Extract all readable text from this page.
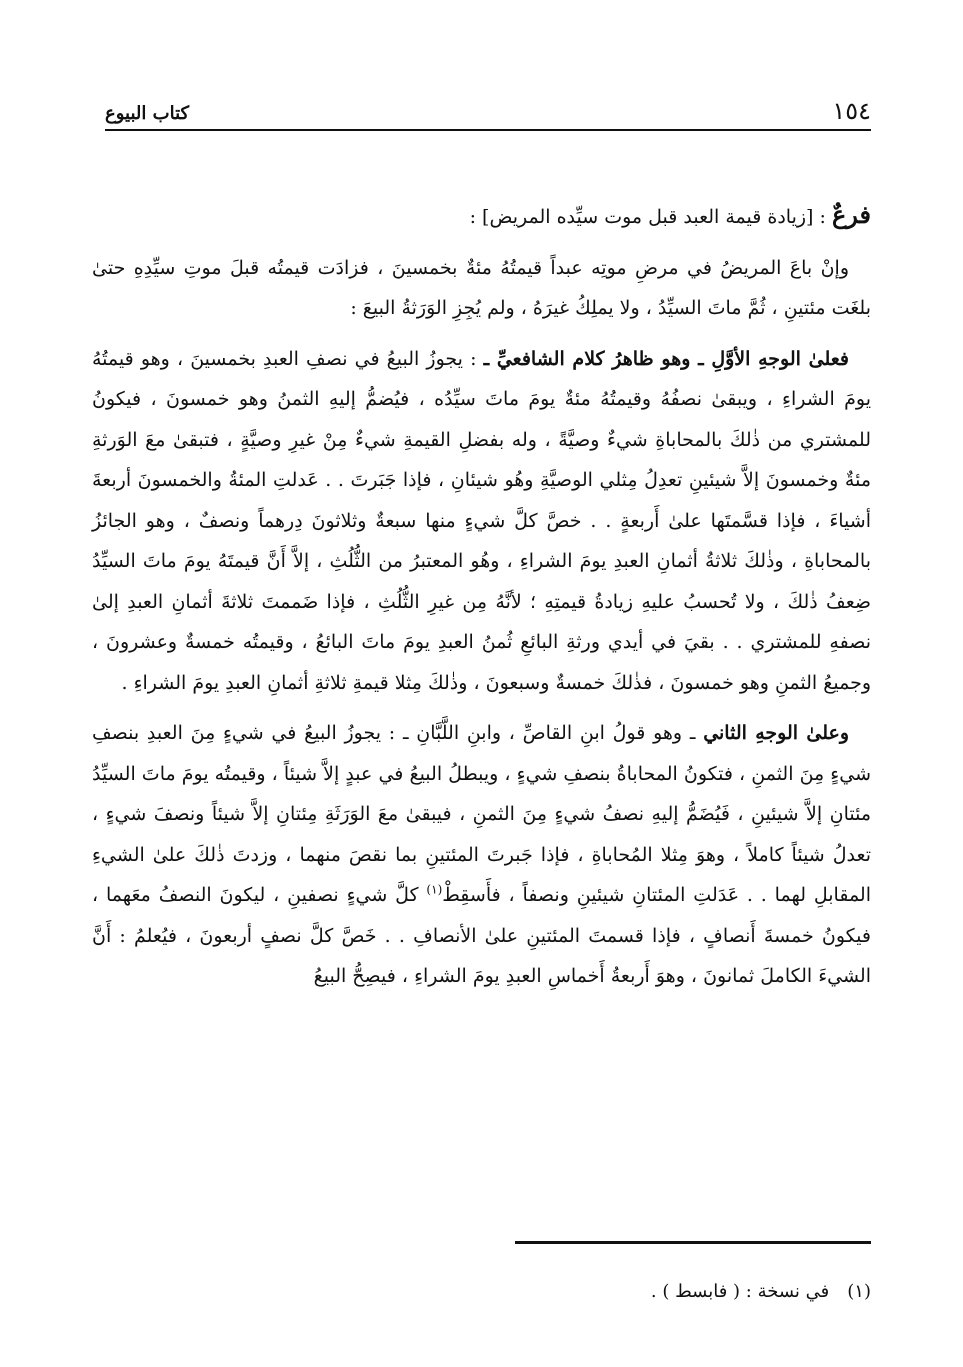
كتاب البيوع	١٥٤

فرعٌ : [زيادة قيمة العبد قبل موت سيِّده المريض] :

وإنْ باعَ المريضُ في مرضِ موتِه عبداً قيمتُهُ مئةٌ بخمسينَ ، فزادَت قيمتُه قبلَ موتِ سيِّدِهِ حتىٰ بلغَت مئتينِ ، ثُمَّ ماتَ السيِّدُ ، ولا يملِكُ غيرَهُ ، ولم يُجِزِ الوَرَثةُ البيعَ :

فعلىٰ الوجهِ الأوَّلِ ـ وهو ظاهرُ كلام الشافعيِّ ـ : يجوزُ البيعُ في نصفِ العبدِ بخمسينَ ، وهو قيمتُهُ يومَ الشراءِ ، ويبقىٰ نصفُهُ وقيمتُهُ مئةٌ يومَ ماتَ سيِّدُه ، فيُضمُّ إليهِ الثمنُ وهو خمسونَ ، فيكونُ للمشتري من ذٰلكَ بالمحاباةِ شيءٌ وصيَّةً ، وله بفضلِ القيمةِ شيءٌ مِنْ غيرِ وصيَّةٍ ، فتبقىٰ معَ الوَرثةِ مئةٌ وخمسونَ إلاَّ شيئينِ تعدِلُ مِثلي الوصيَّةِ وهُو شيئانِ ، فإذا جَبَرتَ . . عَدلتِ المئةُ والخمسونَ أربعةَ أشياءَ ، فإذا قسَّمتَها علىٰ أَربعةٍ . . خصَّ كلَّ شيءٍ منها سبعةٌ وثلاثونَ دِرهماً ونصفٌ ، وهو الجائزُ بالمحاباةِ ، وذٰلكَ ثلاثةُ أثمانِ العبدِ يومَ الشراءِ ، وهُو المعتبرُ من الثُّلُثِ ، إلاَّ أَنَّ قيمتَهُ يومَ ماتَ السيِّدُ ضِعفُ ذٰلكَ ، ولا تُحسبُ عليهِ زيادةُ قيمتِهِ ؛ لأنَّهُ مِن غيرِ الثُّلُثِ ، فإذا ضَممتَ ثلاثةَ أثمانِ العبدِ إلىٰ نصفهِ للمشتري . . بقيَ في أيدي ورثةِ البائعِ ثُمنُ العبدِ يومَ ماتَ البائعُ ، وقيمتُه خمسةٌ وعشرونَ ، وجميعُ الثمنِ وهو خمسونَ ، فذٰلكَ خمسةٌ وسبعونَ ، وذٰلكَ مِثلا قيمةِ ثلاثةِ أثمانِ العبدِ يومَ الشراءِ .

وعلىٰ الوجهِ الثاني ـ وهو قولُ ابنِ القاصِّ ، وابنِ اللَّبَّانِ ـ : يجوزُ البيعُ في شيءٍ مِنَ العبدِ بنصفِ شيءٍ مِنَ الثمنِ ، فتكونُ المحاباةُ بنصفِ شيءٍ ، ويبطلُ البيعُ في عبدٍ إلاَّ شيئاً ، وقيمتُه يومَ ماتَ السيِّدُ مئتانِ إلاَّ شيئينِ ، فَيُضَمُّ إليهِ نصفُ شيءٍ مِنَ الثمنِ ، فيبقىٰ معَ الوَرَثَةِ مِئتانِ إلاَّ شيئاً ونصفَ شيءٍ ، تعدلُ شيئاً كاملاً ، وهوَ مِثلا المُحاباةِ ، فإذا جَبرتَ المئتينِ بما نقصَ منهما ، وزدتَ ذٰلكَ علىٰ الشيءِ المقابلِ لهما . . عَدَلتِ المئتانِ شيئينِ ونصفاً ، فأَسقِطْ$^{(١)}$ كلَّ شيءٍ نصفينِ ، ليكونَ النصفُ معَهما ، فيكونُ خمسةَ أَنصافٍ ، فإذا قسمتَ المئتينِ علىٰ الأنصافِ . . خَصَّ كلَّ نصفٍ أربعونَ ، فيُعلمُ : أَنَّ الشيءَ الكاملَ ثمانونَ ، وهوَ أَربعةُ أَخماسِ العبدِ يومَ الشراءِ ، فيصِحُّ البيعُ

(١)في نسخة : ( فابسط ) .
